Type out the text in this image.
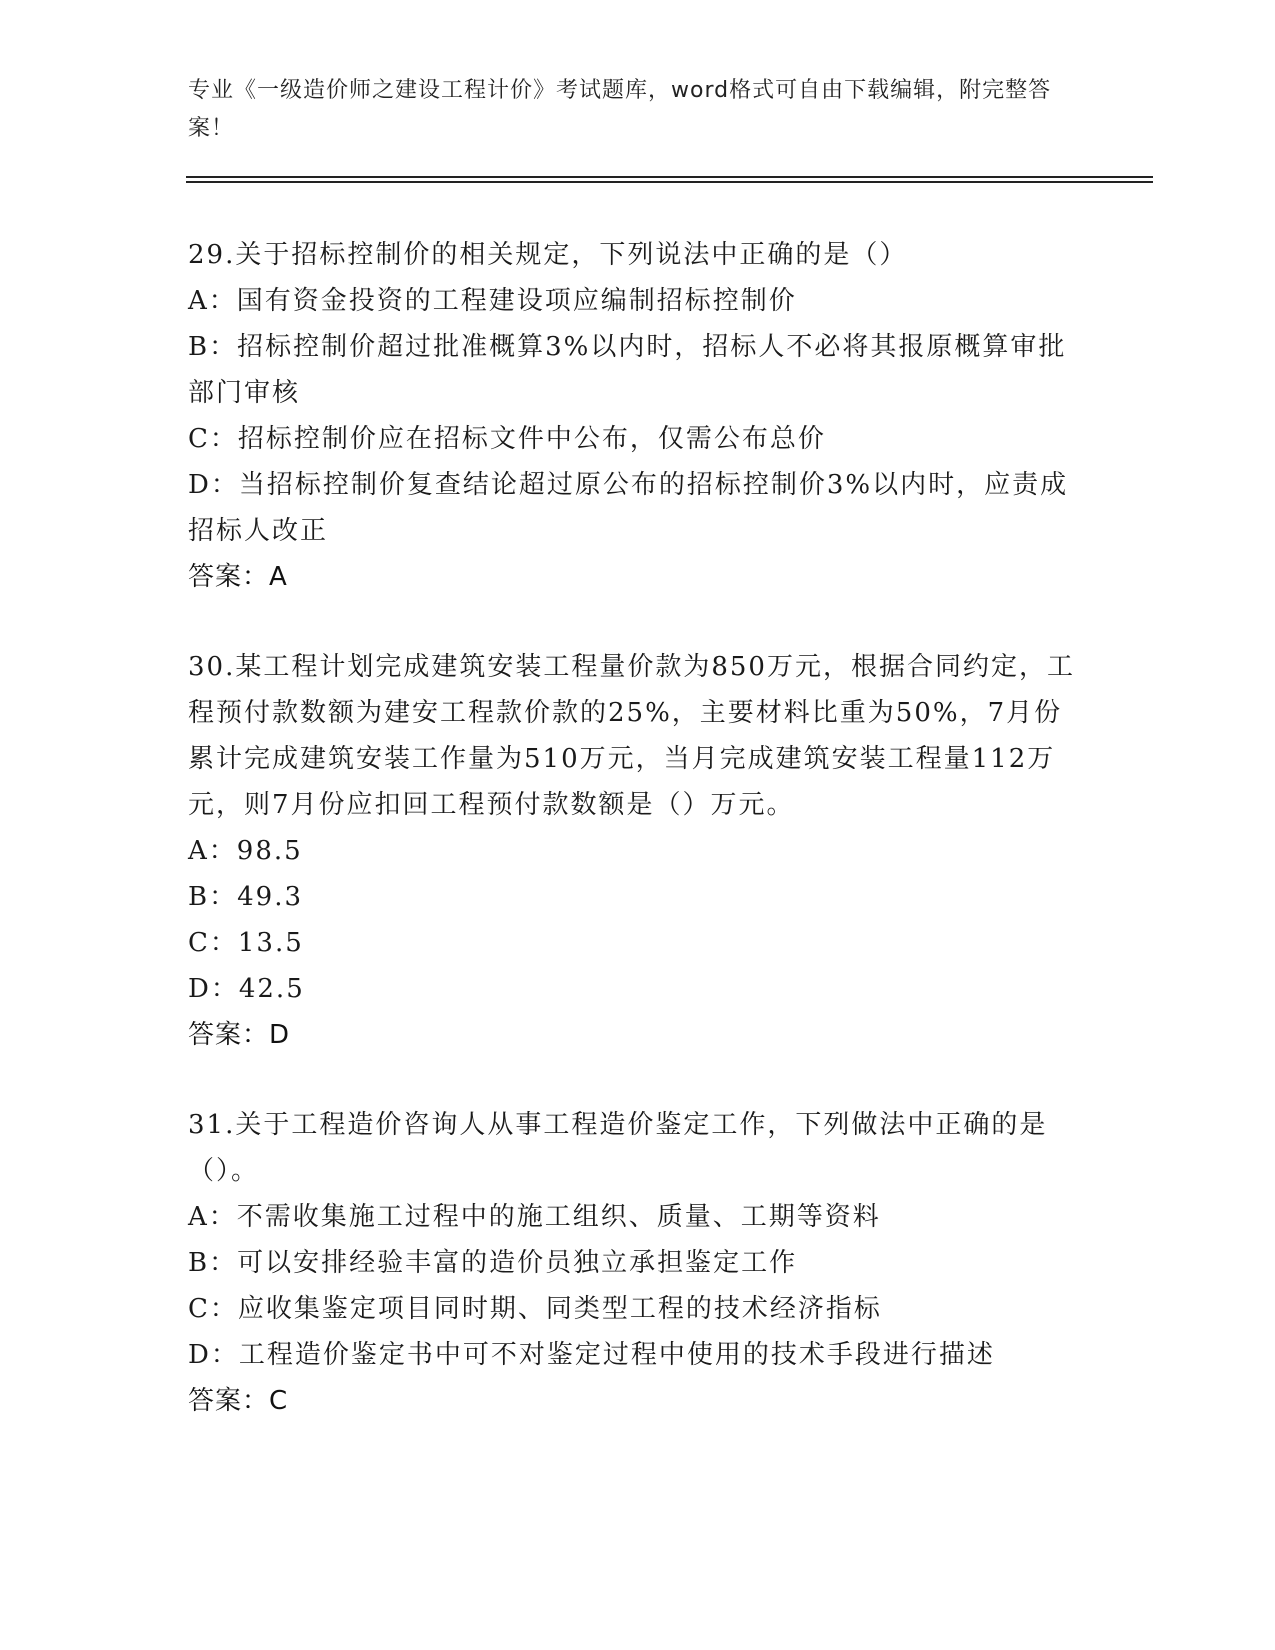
专业《一级造价师之建设工程计价》考试题库，word格式可自由下载编辑，附完整答案！

29.关于招标控制价的相关规定，下列说法中正确的是（）

A：国有资金投资的工程建设项应编制招标控制价

B：招标控制价超过批准概算3%以内时，招标人不必将其报原概算审批部门审核

C：招标控制价应在招标文件中公布，仅需公布总价

D：当招标控制价复查结论超过原公布的招标控制价3%以内时，应责成招标人改正

答案：A

30.某工程计划完成建筑安装工程量价款为850万元，根据合同约定，工程预付款数额为建安工程款价款的25%，主要材料比重为50%，7月份累计完成建筑安装工作量为510万元，当月完成建筑安装工程量112万元，则7月份应扣回工程预付款数额是（）万元。

A：98.5

B：49.3

C：13.5

D：42.5

答案：D

31.关于工程造价咨询人从事工程造价鉴定工作，下列做法中正确的是（）。

A：不需收集施工过程中的施工组织、质量、工期等资料

B：可以安排经验丰富的造价员独立承担鉴定工作

C：应收集鉴定项目同时期、同类型工程的技术经济指标

D：工程造价鉴定书中可不对鉴定过程中使用的技术手段进行描述

答案：C
